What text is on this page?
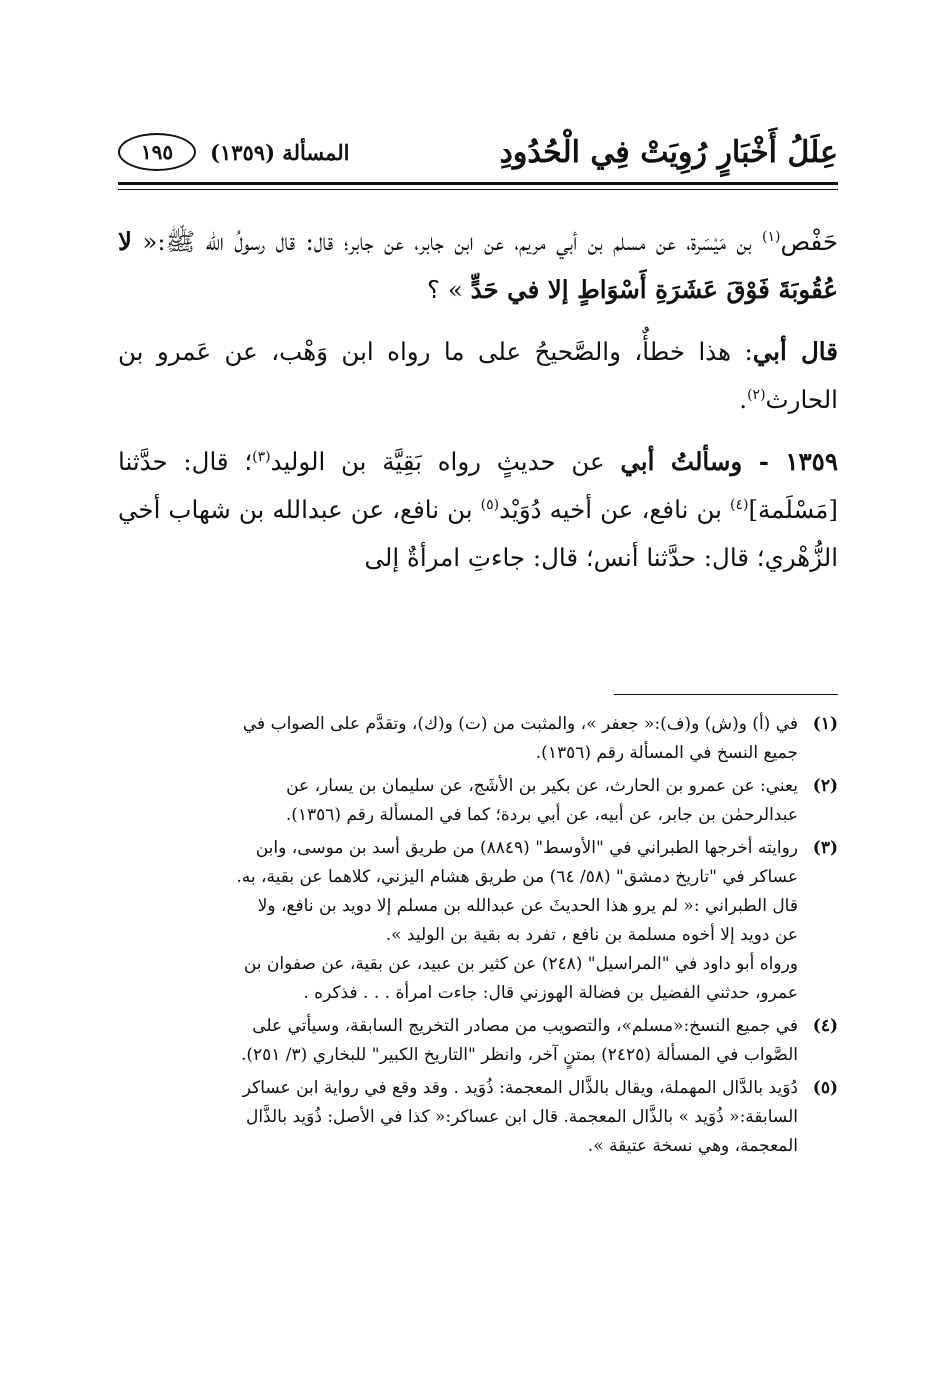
عِلَلُ أَخْبَارٍ رُوِيَتْ فِي الْحُدُودِ
المسألة (١٣٥٩)
١٩٥

حَفْص$^{(١)}$ بن مَيْسَرة، عن مسلم بن أبي مريم، عن ابن جابر، عن جابر؛ قال: قال رسولُ الله ﷺ:« لا عُقُوبَةَ فَوْقَ عَشَرَةِ أَسْوَاطٍ إلا في حَدٍّ » ؟

قال أبي: هذا خطأٌ، والصَّحيحُ على ما رواه ابن وَهْب، عن عَمرو بن الحارث$^{(٢)}$.

١٣٥٩ - وسألتُ أبي عن حديثٍ رواه بَقِيَّة بن الوليد$^{(٣)}$؛ قال: حدَّثنا [مَسْلَمة]$^{(٤)}$ بن نافع، عن أخيه دُوَيْد$^{(٥)}$ بن نافع، عن عبدالله بن شهاب أخي الزُّهْري؛ قال: حدَّثنا أنس؛ قال: جاءتِ امرأةٌ إلى

(١)
في (أ) و(ش) و(ف):« جعفر »، والمثبت من (ت) و(ك)، وتقدَّم على الصواب في
جميع النسخ في المسألة رقم (١٣٥٦).
(٢)
يعني: عن عمرو بن الحارث، عن بكير بن الأشَج، عن سليمان بن يسار، عن
عبدالرحمٰن بن جابر، عن أبيه، عن أبي بردة؛ كما في المسألة رقم (١٣٥٦).
(٣)
روايته أخرجها الطبراني في "الأوسط" (٨٨٤٩) من طريق أسد بن موسى، وابن
عساكر في "تاريخ دمشق" (٥٨/ ٦٤) من طريق هشام اليزني، كلاهما عن بقية، به.
قال الطبراني :« لم يرو هذا الحديثَ عن عبدالله بن مسلم إلا دويد بن نافع، ولا
عن دويد إلا أخوه مسلمة بن نافع ، تفرد به بقية بن الوليد ».
ورواه أبو داود في "المراسيل" (٢٤٨) عن كثير بن عبيد، عن بقية، عن صفوان بن
عمرو، حدثني الفضيل بن فضالة الهوزني قال: جاءت امرأة . . . فذكره .
(٤)
في جميع النسخ:«مسلم»، والتصويب من مصادر التخريج السابقة، وسيأتي على
الصَّواب في المسألة (٢٤٢٥) بمتنٍ آخر، وانظر "التاريخ الكبير" للبخاري (٣/ ٢٥١).
(٥)
دُوَيد بالدَّال المهملة، ويقال بالذَّال المعجمة: ذُوَيد . وقد وقع في رواية ابن عساكر
السابقة:« ذُوَيد » بالذَّال المعجمة. قال ابن عساكر:« كذا في الأصل: ذُوَيد بالذَّال
المعجمة، وهي نسخة عتيقة ».
